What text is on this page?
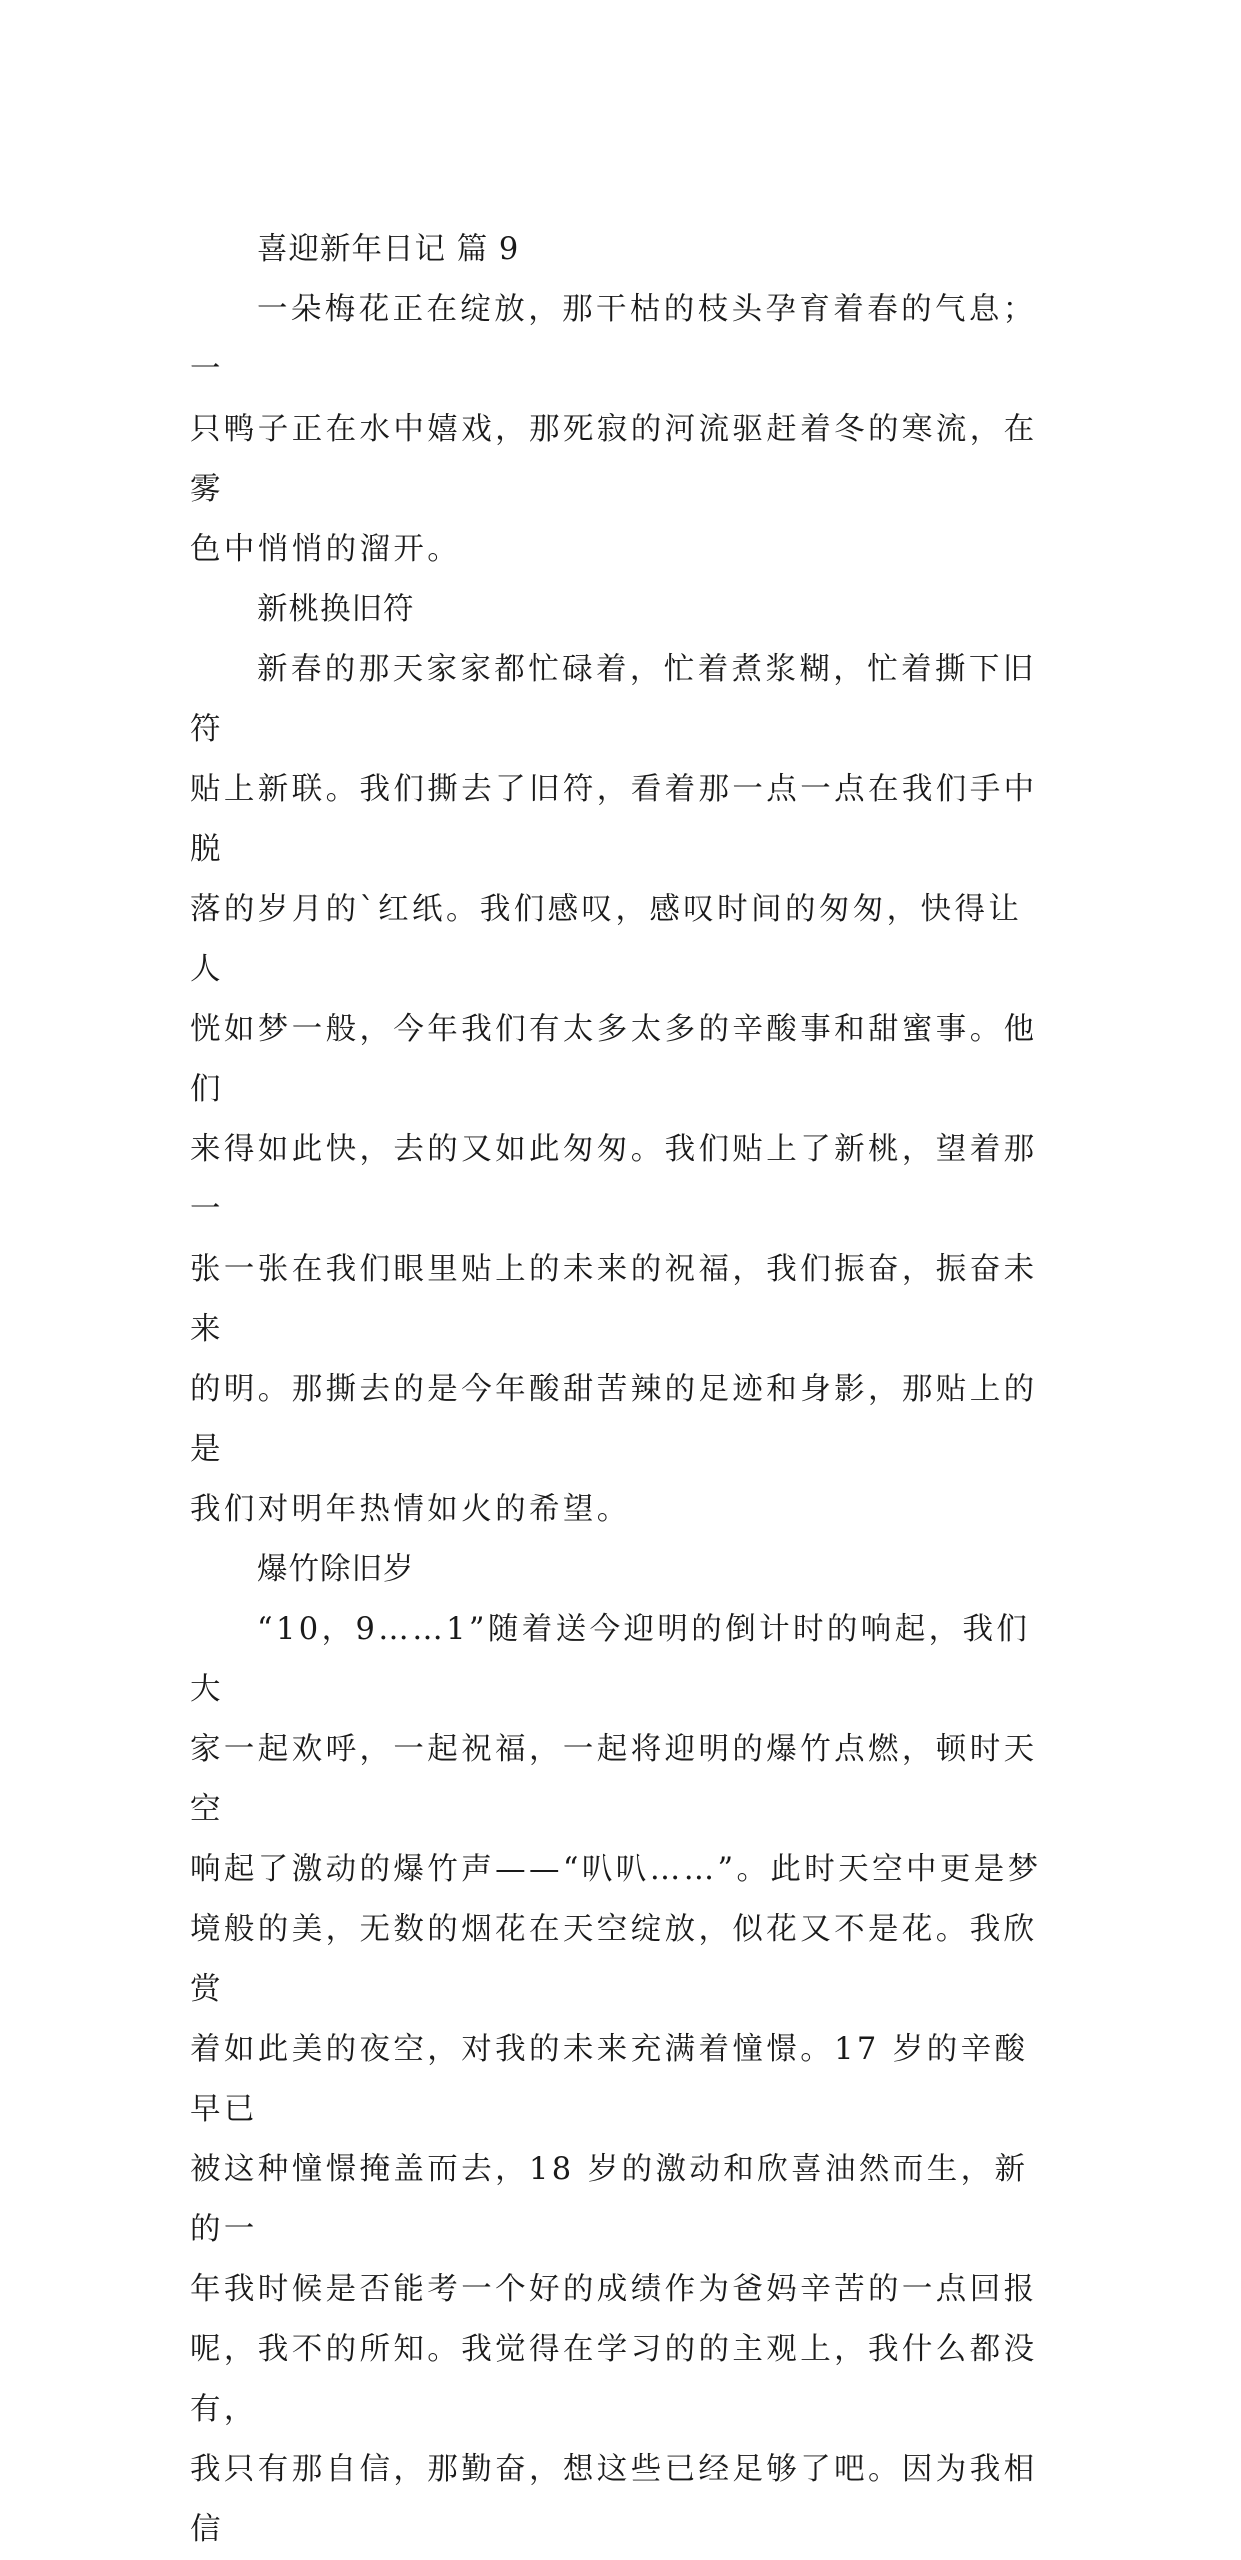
喜迎新年日记 篇 9

一朵梅花正在绽放，那干枯的枝头孕育着春的气息；一
只鸭子正在水中嬉戏，那死寂的河流驱赶着冬的寒流，在雾
色中悄悄的溜开。

新桃换旧符

新春的那天家家都忙碌着，忙着煮浆糊，忙着撕下旧符
贴上新联。我们撕去了旧符，看着那一点一点在我们手中脱
落的岁月的`红纸。我们感叹，感叹时间的匆匆，快得让人
恍如梦一般，今年我们有太多太多的辛酸事和甜蜜事。他们
来得如此快，去的又如此匆匆。我们贴上了新桃，望着那一
张一张在我们眼里贴上的未来的祝福，我们振奋，振奋未来
的明。那撕去的是今年酸甜苦辣的足迹和身影，那贴上的是
我们对明年热情如火的希望。

爆竹除旧岁

“10，9……1”随着送今迎明的倒计时的响起，我们大
家一起欢呼，一起祝福，一起将迎明的爆竹点燃，顿时天空
响起了激动的爆竹声——“叭叭……”。此时天空中更是梦
境般的美，无数的烟花在天空绽放，似花又不是花。我欣赏
着如此美的夜空，对我的未来充满着憧憬。17 岁的辛酸早已
被这种憧憬掩盖而去，18 岁的激动和欣喜油然而生，新的一
年我时候是否能考一个好的成绩作为爸妈辛苦的一点回报
呢，我不的所知。我觉得在学习的的主观上，我什么都没有，
我只有那自信，那勤奋，想这些已经足够了吧。因为我相信
